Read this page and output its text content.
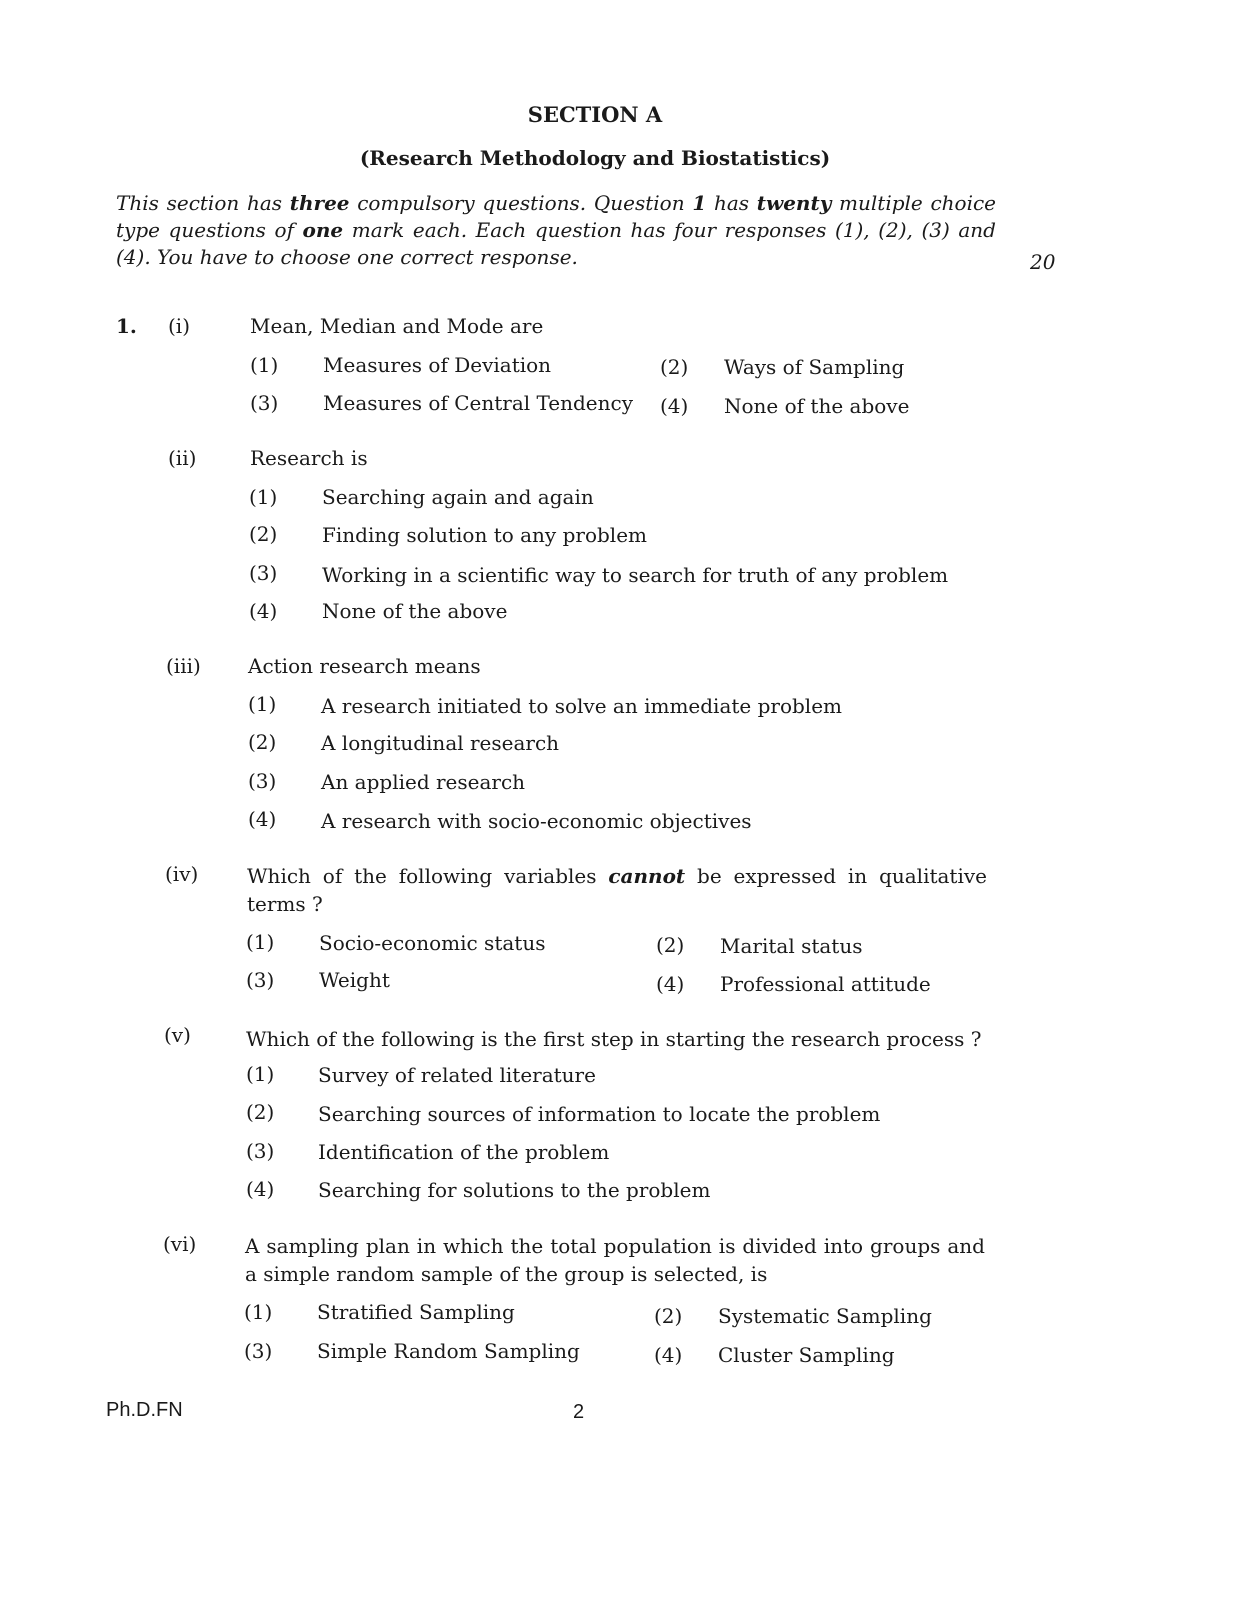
SECTION A
(Research Methodology and Biostatistics)
This section has three compulsory questions. Question 1 has twenty multiple choice type questions of one mark each. Each question has four responses (1), (2), (3) and (4). You have to choose one correct response.	20
1. (i)	Mean, Median and Mode are
(1) Measures of Deviation	(2) Ways of Sampling
(3) Measures of Central Tendency (4) None of the above
(ii)	Research is
(1) Searching again and again
(2) Finding solution to any problem
(3) Working in a scientific way to search for truth of any problem
(4) None of the above
(iii) Action research means
(1) A research initiated to solve an immediate problem
(2) A longitudinal research
(3) An applied research
(4) A research with socio-economic objectives
(iv) Which of the following variables cannot be expressed in qualitative terms ?
(1) Socio-economic status	(2) Marital status
(3) Weight	(4) Professional attitude
(v)	Which of the following is the first step in starting the research process ?
(1) Survey of related literature
(2) Searching sources of information to locate the problem
(3) Identification of the problem
(4) Searching for solutions to the problem
(vi) A sampling plan in which the total population is divided into groups and a simple random sample of the group is selected, is
(1) Stratified Sampling	(2) Systematic Sampling
(3) Simple Random Sampling	(4) Cluster Sampling
Ph.D.FN	2
